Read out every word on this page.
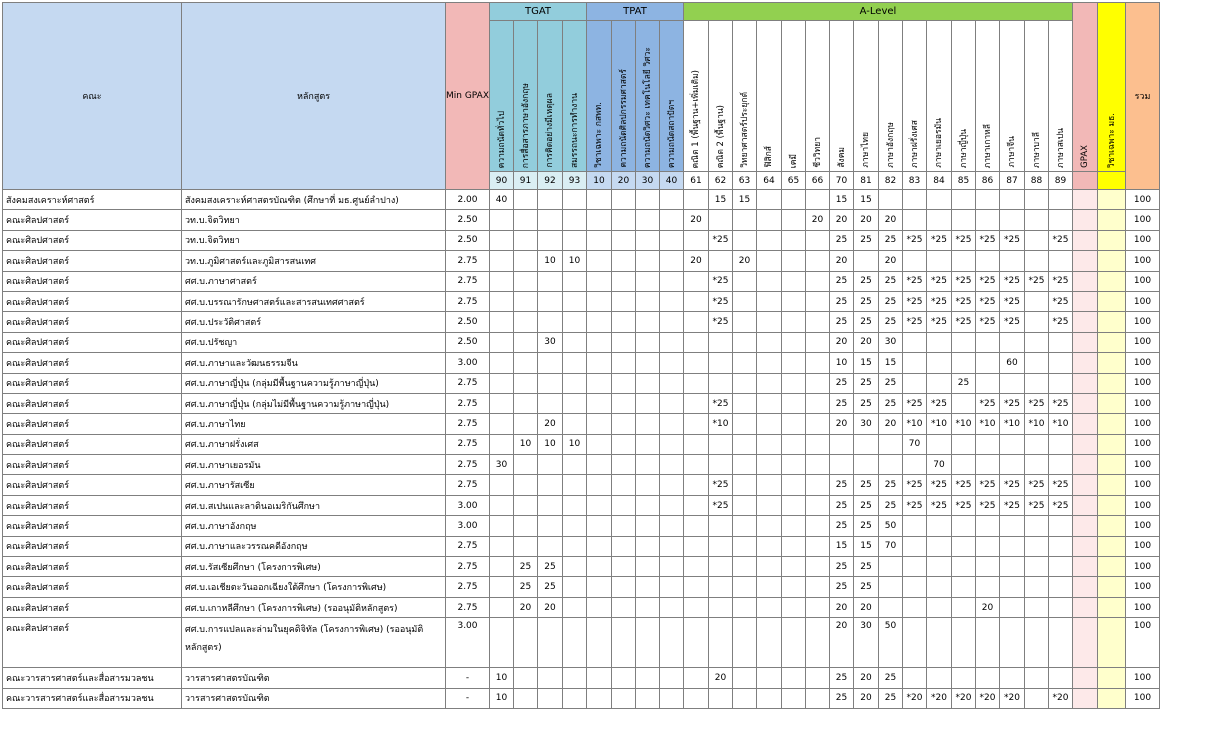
คณะ	หลักสูตร	Min GPAX	TGAT				TPAT				A-Level																GPAX	วิชาเฉพาะ มธ.	รวม
			ความถนัดทั่วไป	การสื่อสารภาษาอังกฤษ	การคิดอย่างมีเหตุผล	สมรรถนะการทำงาน	วิชาเฉพาะ กสพท.	ความถนัดศิลปกรรมศาสตร์	ความถนัดวิศวะ เทคโนโลยี วิศวะ	ความถนัดสถาปัตฯ	คณิต 1 (พื้นฐาน+เพิ่มเติม)	คณิต 2 (พื้นฐาน)	วิทยาศาสตร์ประยุกต์	ฟิสิกส์	เคมี	ชีววิทยา	สังคม	ภาษาไทย	ภาษาอังกฤษ	ภาษาฝรั่งเศส	ภาษาเยอรมัน	ภาษาญี่ปุ่น	ภาษาเกาหลี	ภาษาจีน	ภาษาบาลี	ภาษาสเปน			
			90	91	92	93	10	20	30	40	61	62	63	64	65	66	70	81	82	83	84	85	86	87	88	89			
สังคมสงเคราะห์ศาสตร์	สังคมสงเคราะห์ศาสตรบัณฑิต (ศึกษาที่ มธ.ศูนย์ลำปาง)	2.00	40									15	15				15	15											100
คณะศิลปศาสตร์	วท.บ.จิตวิทยา	2.50									20					20	20	20	20										100
คณะศิลปศาสตร์	วท.บ.จิตวิทยา	2.50										*25					25	25	25	*25	*25	*25	*25	*25		*25			100
คณะศิลปศาสตร์	วท.บ.ภูมิศาสตร์และภูมิสารสนเทศ	2.75			10	10					20		20				20		20										100
คณะศิลปศาสตร์	ศศ.บ.ภาษาศาสตร์	2.75										*25					25	25	25	*25	*25	*25	*25	*25	*25	*25			100
คณะศิลปศาสตร์	ศศ.บ.บรรณารักษศาสตร์และสารสนเทศศาสตร์	2.75										*25					25	25	25	*25	*25	*25	*25	*25		*25			100
คณะศิลปศาสตร์	ศศ.บ.ประวัติศาสตร์	2.50										*25					25	25	25	*25	*25	*25	*25	*25		*25			100
คณะศิลปศาสตร์	ศศ.บ.ปรัชญา	2.50			30												20	20	30										100
คณะศิลปศาสตร์	ศศ.บ.ภาษาและวัฒนธรรมจีน	3.00															10	15	15					60					100
คณะศิลปศาสตร์	ศศ.บ.ภาษาญี่ปุ่น (กลุ่มมีพื้นฐานความรู้ภาษาญี่ปุ่น)	2.75															25	25	25			25							100
คณะศิลปศาสตร์	ศศ.บ.ภาษาญี่ปุ่น (กลุ่มไม่มีพื้นฐานความรู้ภาษาญี่ปุ่น)	2.75										*25					25	25	25	*25	*25		*25	*25	*25	*25			100
คณะศิลปศาสตร์	ศศ.บ.ภาษาไทย	2.75			20							*10					20	30	20	*10	*10	*10	*10	*10	*10	*10			100
คณะศิลปศาสตร์	ศศ.บ.ภาษาฝรั่งเศส	2.75		10	10	10														70									100
คณะศิลปศาสตร์	ศศ.บ.ภาษาเยอรมัน	2.75	30																		70								100
คณะศิลปศาสตร์	ศศ.บ.ภาษารัสเซีย	2.75										*25					25	25	25	*25	*25	*25	*25	*25	*25	*25			100
คณะศิลปศาสตร์	ศศ.บ.สเปนและลาตินอเมริกันศึกษา	3.00										*25					25	25	25	*25	*25	*25	*25	*25	*25	*25			100
คณะศิลปศาสตร์	ศศ.บ.ภาษาอังกฤษ	3.00															25	25	50										100
คณะศิลปศาสตร์	ศศ.บ.ภาษาและวรรณคดีอังกฤษ	2.75															15	15	70										100
คณะศิลปศาสตร์	ศศ.บ.รัสเซียศึกษา (โครงการพิเศษ)	2.75		25	25												25	25											100
คณะศิลปศาสตร์	ศศ.บ.เอเชียตะวันออกเฉียงใต้ศึกษา (โครงการพิเศษ)	2.75		25	25												25	25											100
คณะศิลปศาสตร์	ศศ.บ.เกาหลีศึกษา (โครงการพิเศษ) (รออนุมัติหลักสูตร)	2.75		20	20												20	20					20						100
คณะศิลปศาสตร์	ศศ.บ.การแปลและล่ามในยุคดิจิทัล (โครงการพิเศษ) (รออนุมัติหลักสูตร)	3.00															20	30	50										100
คณะวารสารศาสตร์และสื่อสารมวลชน	วารสารศาสตรบัณฑิต	-	10									20					25	20	25										100
คณะวารสารศาสตร์และสื่อสารมวลชน	วารสารศาสตรบัณฑิต	-	10														25	20	25	*20	*20	*20	*20	*20		*20			100
